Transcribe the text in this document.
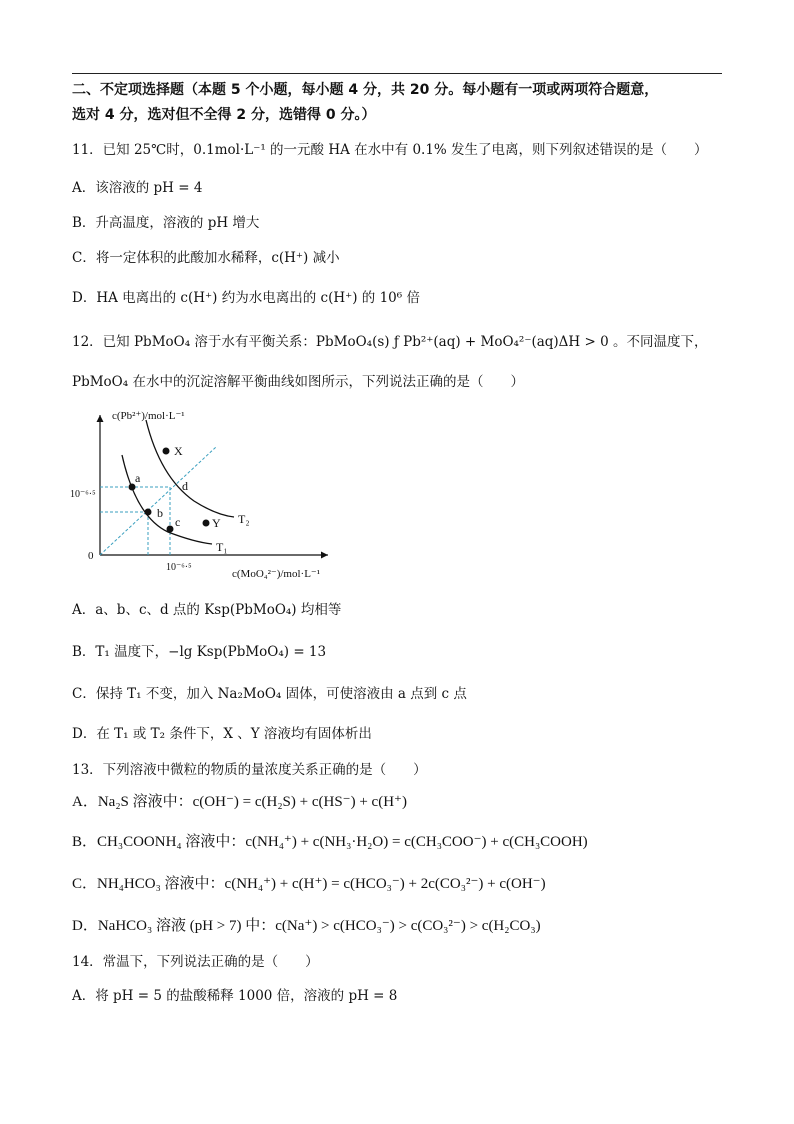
二、不定项选择题（本题 5 个小题，每小题 4 分，共 20 分。每小题有一项或两项符合题意，
选对 4 分，选对但不全得 2 分，选错得 0 分。）
11．已知 25℃时，0.1mol·L⁻¹ 的一元酸 HA 在水中有 0.1% 发生了电离，则下列叙述错误的是（　　）
A．该溶液的 pH = 4
B．升高温度，溶液的 pH 增大
C．将一定体积的此酸加水稀释，c(H⁺) 减小
D．HA 电离出的 c(H⁺) 约为水电离出的 c(H⁺) 的 10⁶ 倍
12．已知 PbMoO₄ 溶于水有平衡关系：PbMoO₄(s) ƒ Pb²⁺(aq) + MoO₄²⁻(aq)ΔH > 0 。不同温度下，
PbMoO₄ 在水中的沉淀溶解平衡曲线如图所示，下列说法正确的是（　　）
c(Pb²⁺)/mol·L⁻¹
c(MoO₄²⁻)/mol·L⁻¹
0
10⁻⁶·⁵
10⁻⁶·⁵
T₁
T₂
X
a
d
b
c	Y
A．a、b、c、d 点的 Ksp(PbMoO₄) 均相等
B．T₁ 温度下，−lg Ksp(PbMoO₄) = 13
C．保持 T₁ 不变，加入 Na₂MoO₄ 固体，可使溶液由 a 点到 c 点
D．在 T₁ 或 T₂ 条件下，X 、Y 溶液均有固体析出
13．下列溶液中微粒的物质的量浓度关系正确的是（　　）
A．Na₂S 溶液中：c(OH⁻) = c(H₂S) + c(HS⁻) + c(H⁺)
B．CH₃COONH₄ 溶液中：c(NH₄⁺) + c(NH₃·H₂O) = c(CH₃COO⁻) + c(CH₃COOH)
C．NH₄HCO₃ 溶液中：c(NH₄⁺) + c(H⁺) = c(HCO₃⁻) + 2c(CO₃²⁻) + c(OH⁻)
D．NaHCO₃ 溶液 (pH > 7) 中：c(Na⁺) > c(HCO₃⁻) > c(CO₃²⁻) > c(H₂CO₃)
14．常温下，下列说法正确的是（　　）
A．将 pH = 5 的盐酸稀释 1000 倍，溶液的 pH = 8
